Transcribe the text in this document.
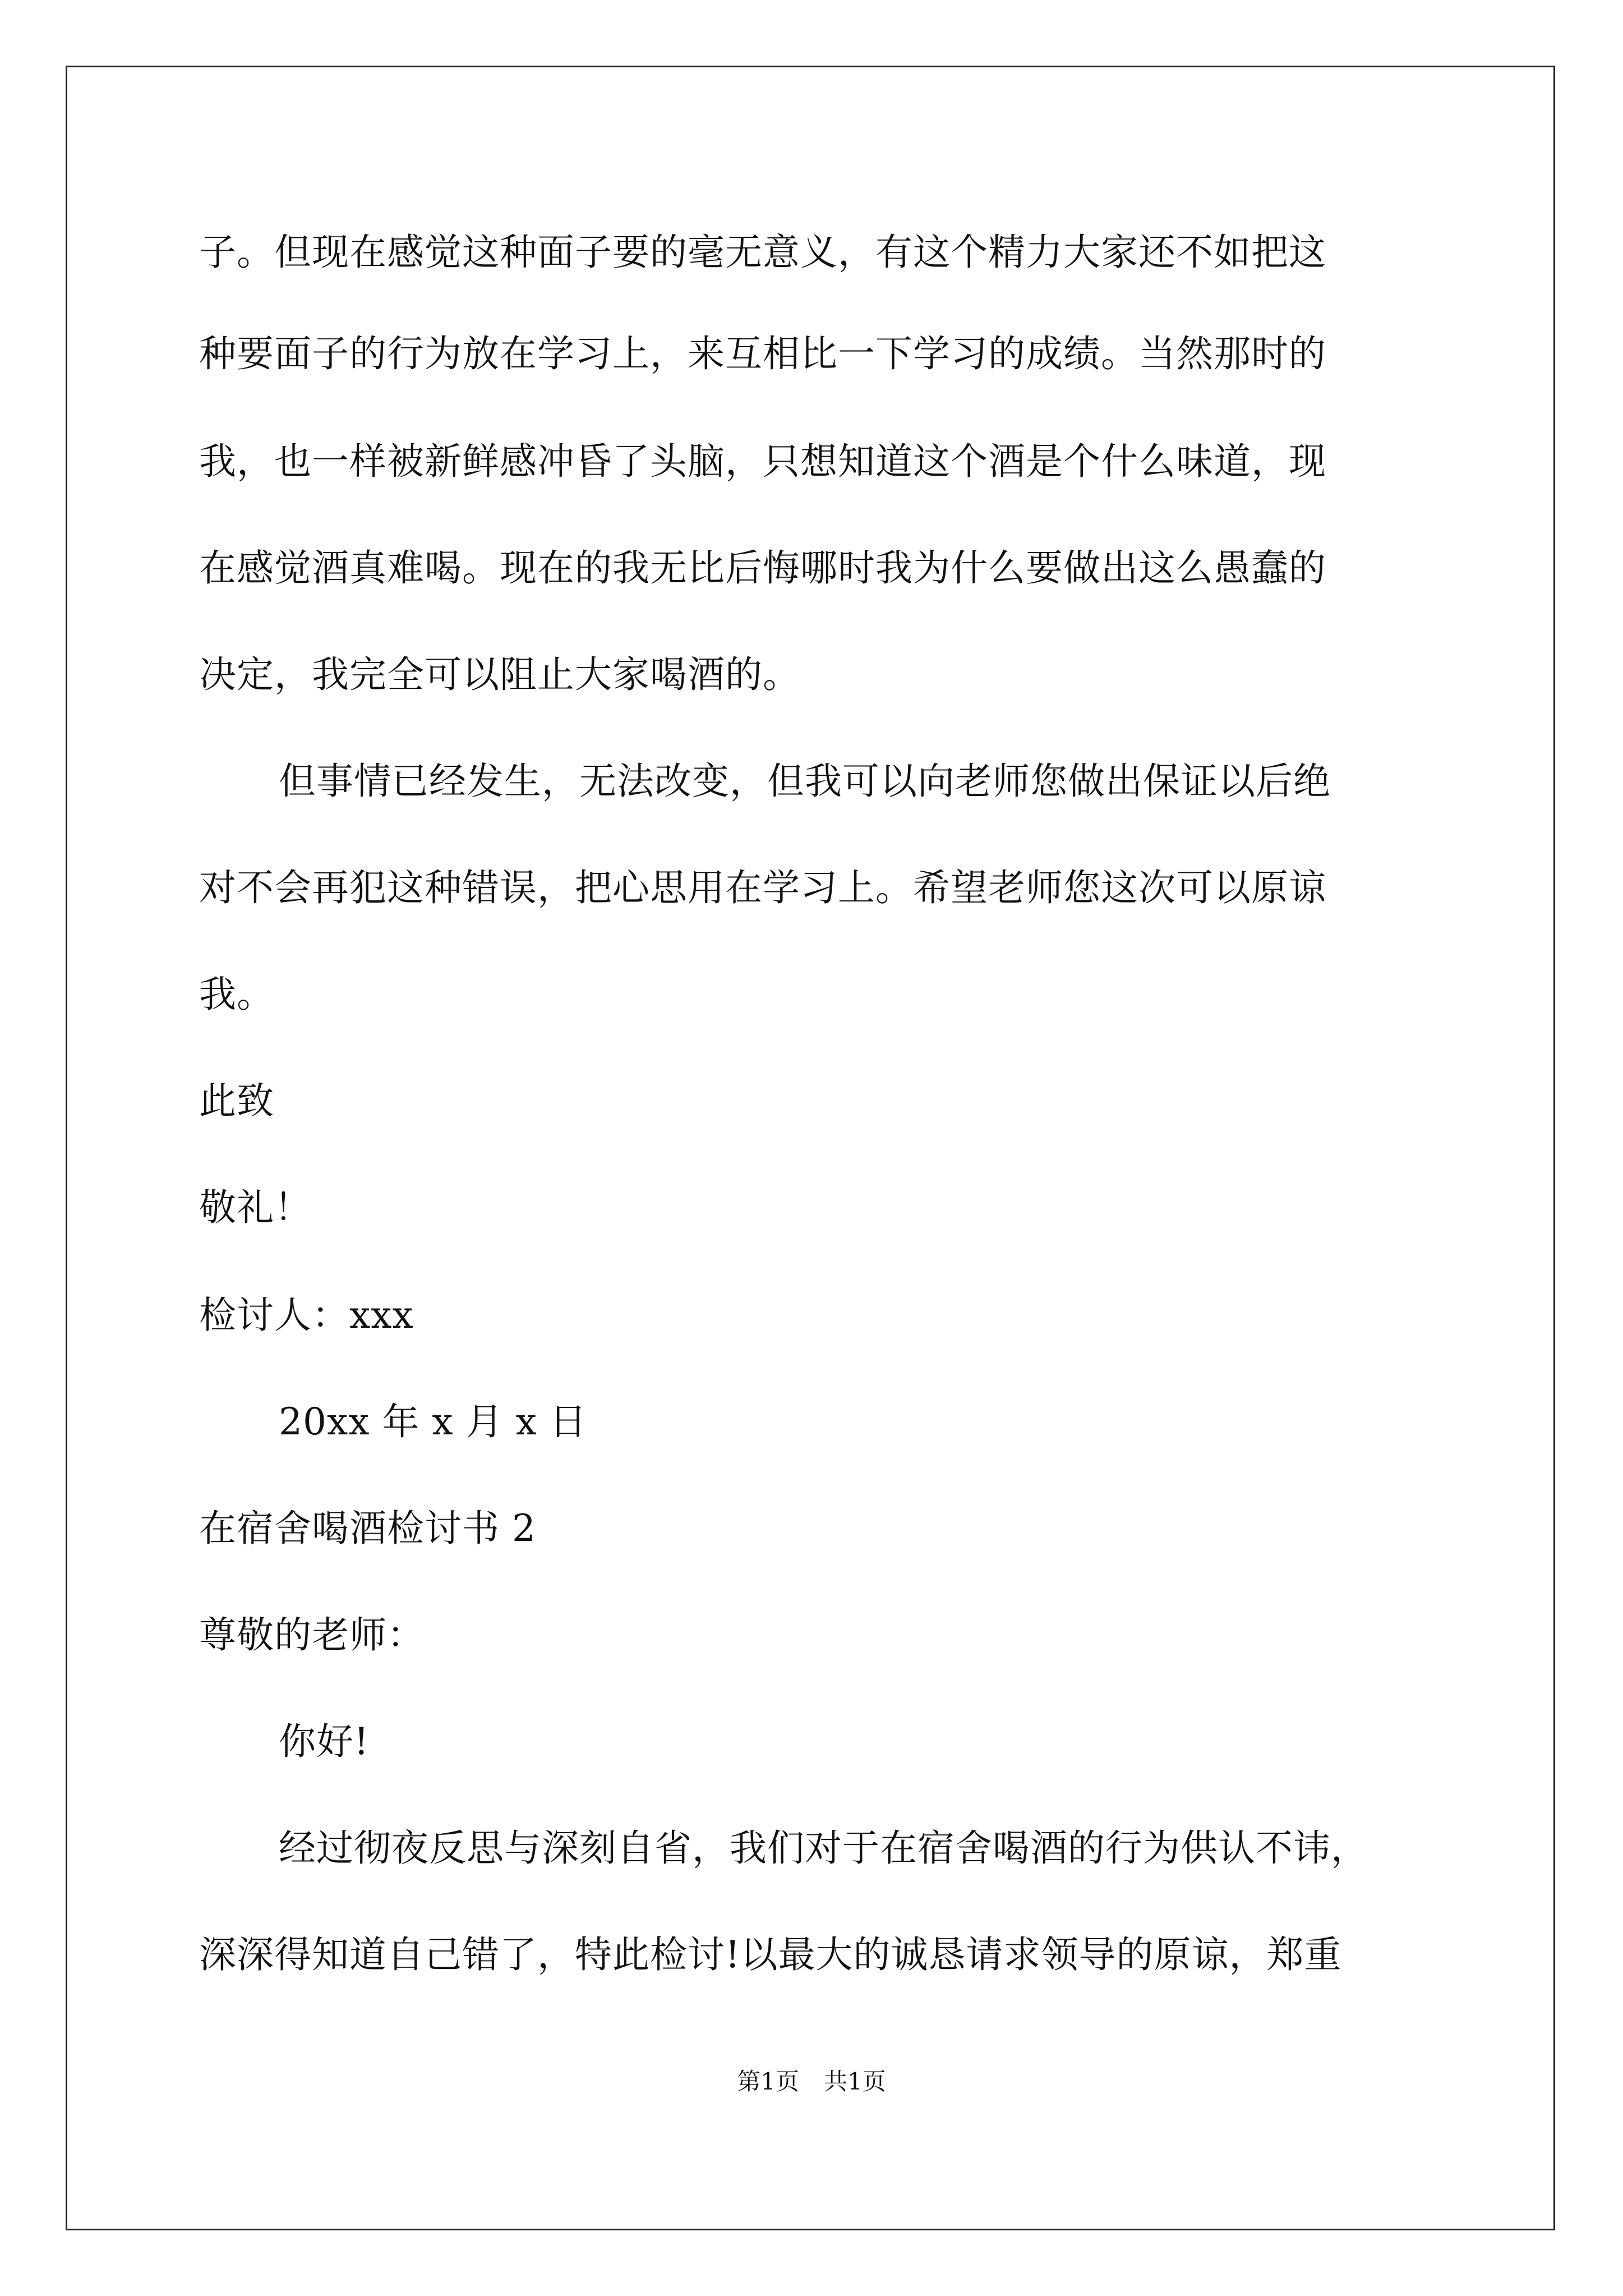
子。但现在感觉这种面子要的毫无意义，有这个精力大家还不如把这
种要面子的行为放在学习上，来互相比一下学习的成绩。当然那时的
我，也一样被新鲜感冲昏了头脑，只想知道这个酒是个什么味道，现
在感觉酒真难喝。现在的我无比后悔哪时我为什么要做出这么愚蠢的
决定，我完全可以阻止大家喝酒的。
但事情已经发生，无法改变，但我可以向老师您做出保证以后绝
对不会再犯这种错误，把心思用在学习上。希望老师您这次可以原谅
我。
此致
敬礼！
检讨人：xxx
20xx 年 x 月 x 日
在宿舍喝酒检讨书 2
尊敬的老师：
你好!
经过彻夜反思与深刻自省，我们对于在宿舍喝酒的行为供认不讳，
深深得知道自己错了，特此检讨!以最大的诚恳请求领导的原谅，郑重
第1页 共1页
